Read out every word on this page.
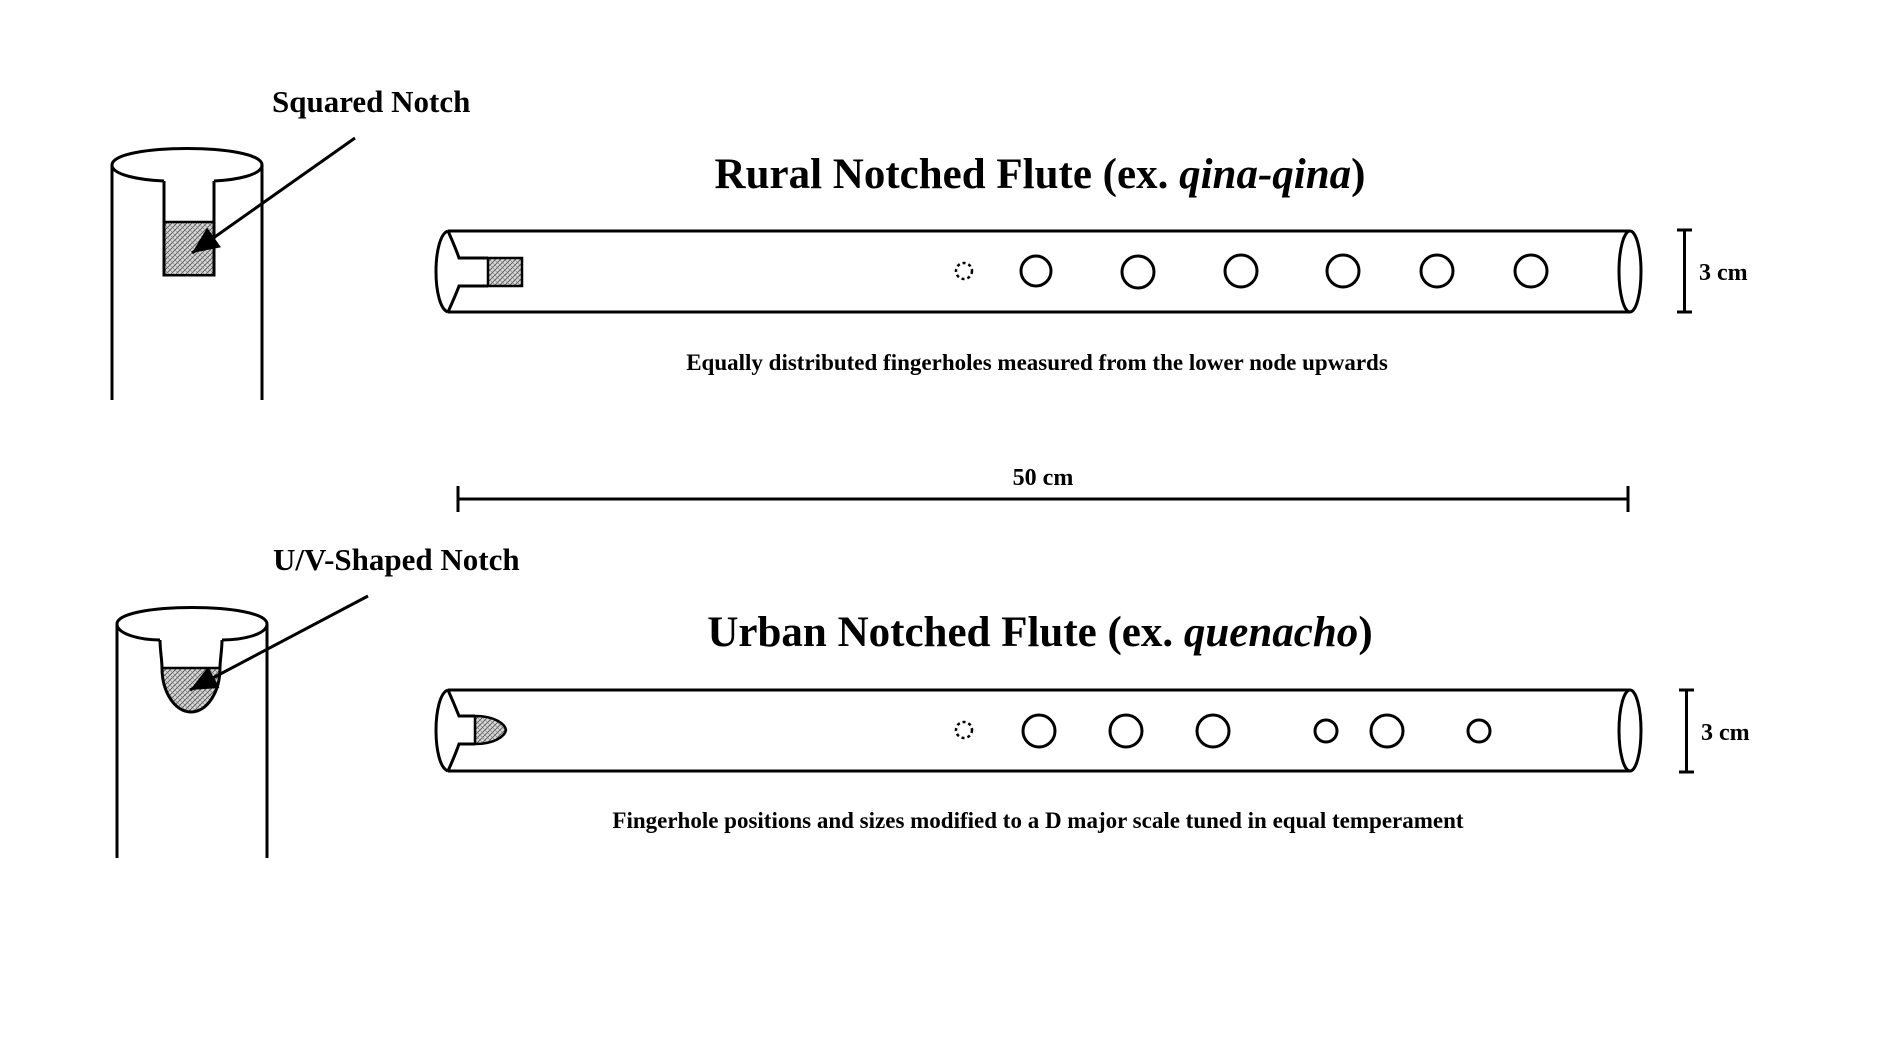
Squared Notch
Rural Notched Flute (ex. qina-qina)
3 cm
Equally distributed fingerholes measured from the lower node upwards
50 cm
U/V-Shaped Notch
Urban Notched Flute (ex. quenacho)
3 cm
Fingerhole positions and sizes modified to a D major scale tuned in equal temperament
